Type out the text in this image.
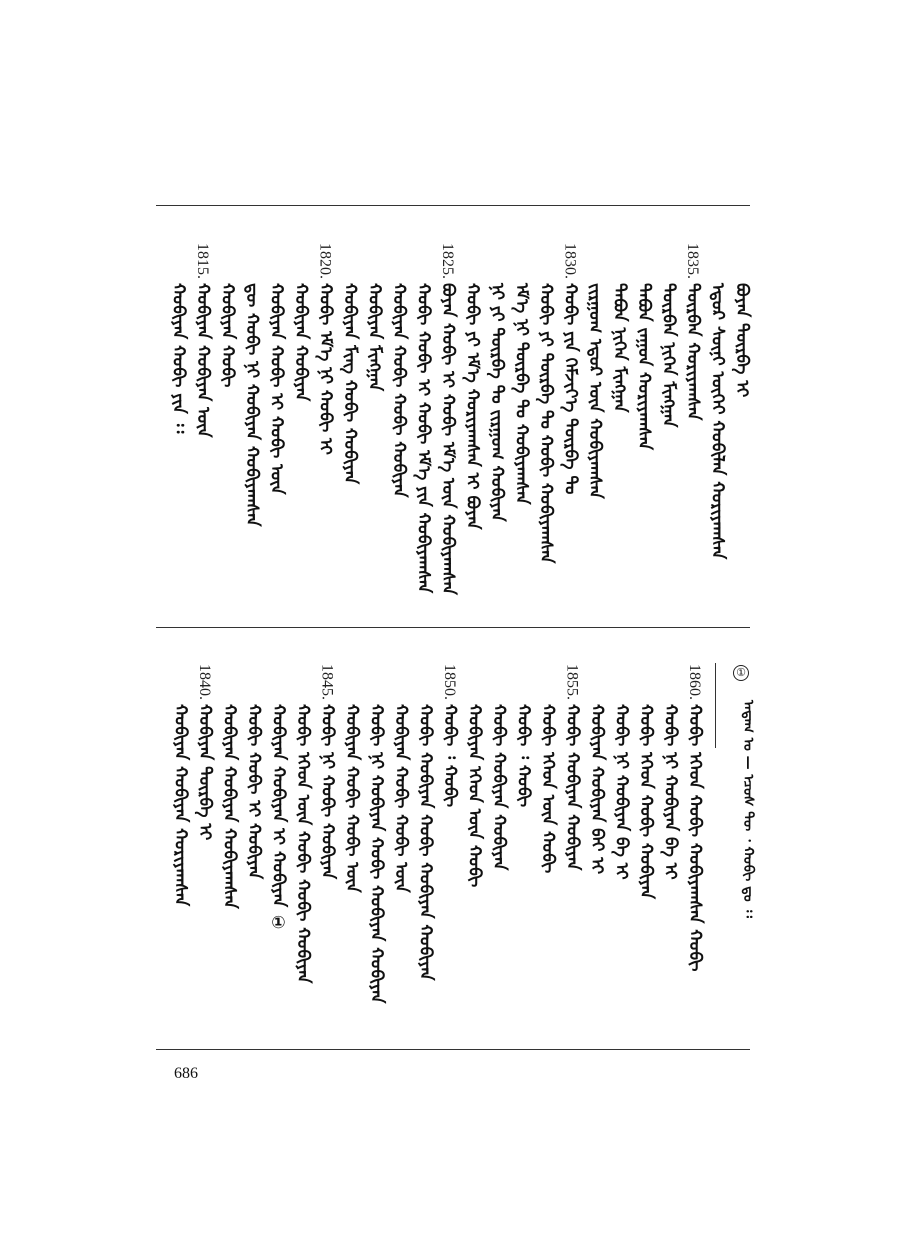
ᠪᠤᠶᠠᠨ ᠳᠦᠷᠪᠡ ᠢ
ᠡᠳᠦᠷ ᠰᠦᠨᠢ ᠦᠭᠡᠢ ᠬᠤᠪᠢᠯᠠᠨ ᠬᠤᠷᠢᠶᠠᠭᠰᠠᠨ
ᠳᠦᠷᠪᠡᠨ ᠬᠤᠷᠢᠶᠠᠭᠰᠠᠨ
ᠳᠦᠷᠪᠡᠨ ᠨᠢᠭᠡᠨ ᠮᠢᠩᠭᠠᠨ
ᠲᠠᠪᠤᠨ ᠵᠠᠭᠤᠨ ᠬᠤᠷᠢᠶᠠᠭᠰᠠᠨ
ᠲᠠᠪᠤᠨ ᠨᠢᠭᠡᠨ ᠮᠢᠩᠭᠠᠨ
ᠵᠢᠷᠭᠤᠭ ᠡᠳᠦᠷ ᠦᠨ ᠬᠤᠪᠢᠶᠠᠭᠰᠠᠨ
ᠬᠤᠪᠢ ᠶᠢᠨ ᠬᠡᠮᠵᠢᠶ᠎ᠡ ᠳᠦᠷᠪᠡ ᠲᠤ
ᠬᠤᠪᠢ ᠶᠢ ᠳᠦᠷᠪᠡ ᠲᠤ ᠬᠤᠪᠢ ᠬᠤᠪᠢᠶᠠᠭᠰᠠᠨ
ᠡᠮ᠎ᠡ ᠨᠢ ᠳᠦᠷᠪᠡ ᠲᠤ ᠬᠤᠪᠢᠶᠠᠭᠰᠠᠨ
ᠨᠢ ᠶᠢ ᠳᠦᠷᠪᠡ ᠲᠤ ᠵᠢᠷᠭᠤᠭ ᠬᠤᠪᠢᠶᠠᠨ
ᠬᠤᠪᠢ ᠶᠢ ᠡᠮ᠎ᠡ ᠬᠤᠷᠢᠶᠠᠭᠰᠠᠨ ᠢ ᠪᠤᠶᠠᠨ
ᠪᠤᠶᠠᠨ ᠬᠤᠪᠢ ᠢ ᠬᠤᠪᠢ ᠡᠮ᠎ᠡ ᠦᠨ ᠬᠤᠪᠢᠶᠠᠭᠰᠠᠨ
ᠬᠤᠪᠢ ᠬᠤᠪᠢ ᠢ ᠬᠤᠪᠢ ᠡᠮ᠎ᠡ ᠶᠢᠨ ᠬᠤᠪᠢᠶᠠᠭᠰᠠᠨ
ᠬᠤᠪᠢᠶᠠᠨ ᠬᠤᠪᠢ ᠬᠤᠪᠢ ᠬᠤᠪᠢᠶᠠᠨ
ᠬᠤᠪᠢᠶᠠᠨ ᠮᠢᠩᠭᠠᠨ
ᠬᠤᠪᠢᠶᠠᠨ ᠮᠢᠩ ᠬᠤᠪᠢ ᠬᠤᠪᠢᠶᠠᠨ
ᠬᠤᠪᠢ ᠡᠮ᠎ᠡ ᠨᠢ ᠬᠤᠪᠢ ᠢ
ᠬᠤᠪᠢᠶᠠᠨ ᠬᠤᠪᠢᠶᠠᠨ
ᠬᠤᠪᠢᠶᠠᠨ ᠬᠤᠪᠢ ᠢ ᠬᠤᠪᠢ ᠦᠨ
ᠳᠦ ᠬᠤᠪᠢ ᠨᠢ ᠬᠤᠪᠢᠶᠠᠨ ᠬᠤᠪᠢᠶᠠᠭᠰᠠᠨ
ᠬᠤᠪᠢᠶᠠᠨ ᠬᠤᠪᠢ
ᠬᠤᠪᠢᠶᠠᠨ ᠬᠤᠪᠢᠶᠠᠨ ᠦᠨ
ᠬᠤᠪᠢᠶᠠᠨ ᠬᠤᠪᠢ ᠶᠢᠨ ᠄᠄
1835.
1830.
1825.
1820.
1815.
ᠬᠤᠪᠢ ᠡᠭᠡᠳ ᠬᠤᠪᠢ ᠬᠤᠪᠢᠶᠠᠭᠰᠠᠨ ᠬᠤᠪᠢ
ᠬᠤᠪᠢ ᠨᠢ ᠬᠤᠪᠢᠶᠠᠨ ᠪᠠ ᠢ
ᠬᠤᠪᠢ ᠡᠭᠡᠳ ᠬᠤᠪᠢ ᠬᠤᠪᠢᠶᠠᠨ
ᠬᠤᠪᠢ ᠨᠢ ᠬᠤᠪᠢᠶᠠᠨ ᠪᠠ ᠢ
ᠬᠤᠪᠢᠶᠠᠨ ᠬᠤᠪᠢᠶᠠᠨ ᠪᠠᠢ ᠢ
ᠬᠤᠪᠢ ᠬᠤᠪᠢᠶᠠᠨ ᠬᠤᠪᠢᠶᠠᠨ
ᠬᠤᠪᠢ ᠡᠭᠡᠳ ᠦᠨ ᠬᠤᠪᠢ
ᠬᠤᠪᠢ ᠄ ᠬᠤᠪᠢ
ᠬᠤᠪᠢ ᠬᠤᠪᠢᠶᠠᠨ ᠬᠤᠪᠢᠶᠠᠨ
ᠬᠤᠪᠢᠶᠠᠨ ᠡᠭᠡᠳ ᠦᠨ ᠬᠤᠪᠢ
ᠬᠤᠪᠢ ᠄ ᠬᠤᠪᠢ
ᠬᠤᠪᠢ ᠬᠤᠪᠢᠶᠠᠨ ᠬᠤᠪᠢ ᠬᠤᠪᠢᠶᠠᠨ ᠬᠤᠪᠢᠶᠠᠨ
ᠬᠤᠪᠢᠶᠠᠨ ᠬᠤᠪᠢ ᠬᠤᠪᠢ ᠦᠨ
ᠬᠤᠪᠢ ᠨᠢ ᠬᠤᠪᠢᠶᠠᠨ ᠬᠤᠪᠢ ᠬᠤᠪᠢᠶᠠᠨ ᠬᠤᠪᠢᠶᠠᠨ
ᠬᠤᠪᠢᠶᠠᠨ ᠬᠤᠪᠢ ᠬᠤᠪᠢ ᠦᠨ
ᠬᠤᠪᠢ ᠨᠢ ᠬᠤᠪᠢ ᠬᠤᠪᠢᠶᠠᠨ
ᠬᠤᠪᠢ ᠡᠭᠡᠳ ᠦᠨ ᠬᠤᠪᠢ ᠬᠤᠪᠢ ᠬᠤᠪᠢᠶᠠᠨ
ᠬᠤᠪᠢᠶᠠᠨ ᠬᠤᠪᠢᠶᠠᠨ ᠢ ᠬᠤᠪᠢᠶᠠᠨ ①
ᠬᠤᠪᠢ ᠬᠤᠪᠢ ᠢ ᠬᠤᠪᠢᠶᠠᠨ
ᠬᠤᠪᠢᠶᠠᠨ ᠬᠤᠪᠢᠶᠠᠨ ᠬᠤᠪᠢᠶᠠᠭᠰᠠᠨ
ᠬᠤᠪᠢᠶᠠᠨ ᠳᠦᠷᠪᠡ ᠢ
ᠬᠤᠪᠢᠶᠠᠨ ᠬᠤᠪᠢᠶᠠᠨ ᠬᠤᠷᠢᠶᠠᠭᠰᠠᠨ
1860.
1855.
1850.
1845.
1840.	①
ᠠᠳᠠᠭ ᠤ — ᠡᠴᠦᠰ ᠲᠦ ᠂ ᠬᠤᠪᠢ ᠳᠤ ᠄᠄
686
